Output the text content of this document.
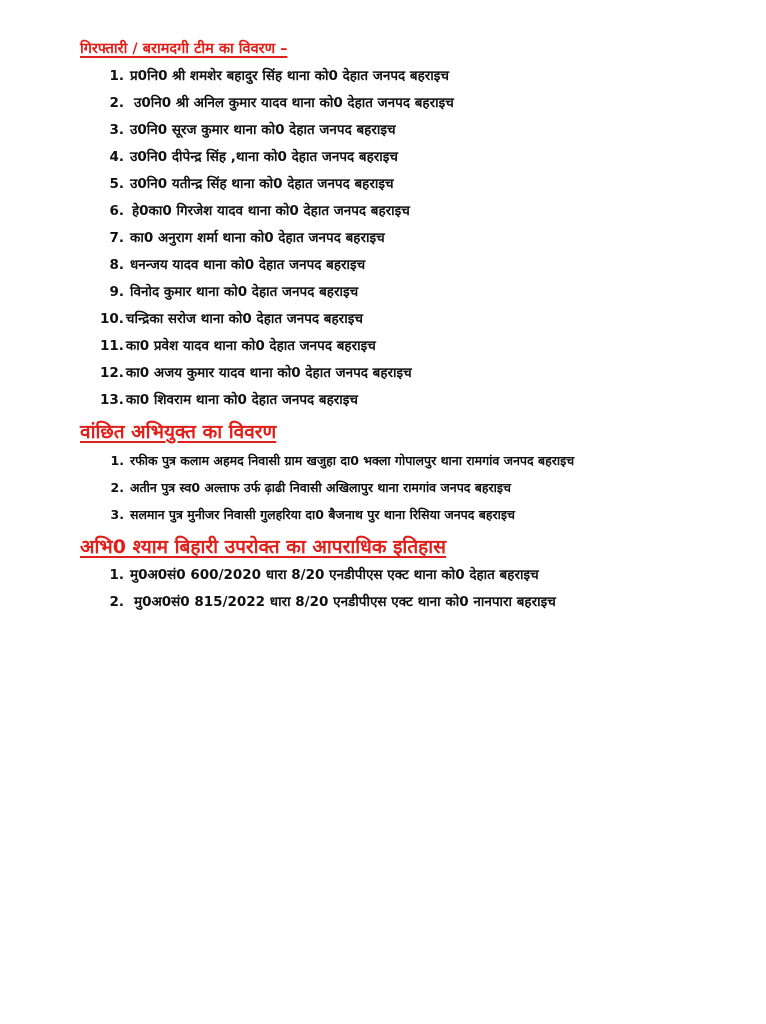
गिरफ्तारी / बरामदगी टीम का विवरण –
1. प्र0नि0 श्री शमशेर बहादुर सिंह थाना को0 देहात जनपद बहराइच
2. उ0नि0 श्री अनिल कुमार यादव थाना को0 देहात जनपद बहराइच
3. उ0नि0 सूरज कुमार थाना को0 देहात जनपद बहराइच
4. उ0नि0 दीपेन्द्र सिंह ,थाना को0 देहात जनपद बहराइच
5. उ0नि0 यतीन्द्र सिंह थाना को0 देहात जनपद बहराइच
6. हे0का0 गिरजेश यादव थाना को0 देहात जनपद बहराइच
7. का0 अनुराग शर्मा थाना को0 देहात जनपद बहराइच
8. धनन्जय यादव थाना को0 देहात जनपद बहराइच
9. विनोद कुमार थाना को0 देहात जनपद बहराइच
10. चन्द्रिका सरोज थाना को0 देहात जनपद बहराइच
11. का0 प्रवेश यादव थाना को0 देहात जनपद बहराइच
12. का0 अजय कुमार यादव थाना को0 देहात जनपद बहराइच
13. का0 शिवराम थाना को0 देहात जनपद बहराइच
वांछित अभियुक्त का विवरण
1. रफीक पुत्र कलाम अहमद निवासी ग्राम खजुहा दा0 भक्ला गोपालपुर थाना रामगांव जनपद बहराइच
2. अतीन पुत्र स्व0 अल्ताफ उर्फ ढ़ाढी निवासी अखिलापुर थाना रामगांव जनपद बहराइच
3. सलमान पुत्र मुनीजर निवासी गुलहरिया दा0 बैजनाथ पुर थाना रिसिया जनपद बहराइच
अभि0 श्याम बिहारी उपरोक्त का आपराधिक इतिहास
1. मु0अ0सं0 600/2020 धारा 8/20 एनडीपीएस एक्ट थाना को0 देहात बहराइच
2. मु0अ0सं0 815/2022 धारा 8/20 एनडीपीएस एक्ट थाना को0 नानपारा बहराइच
